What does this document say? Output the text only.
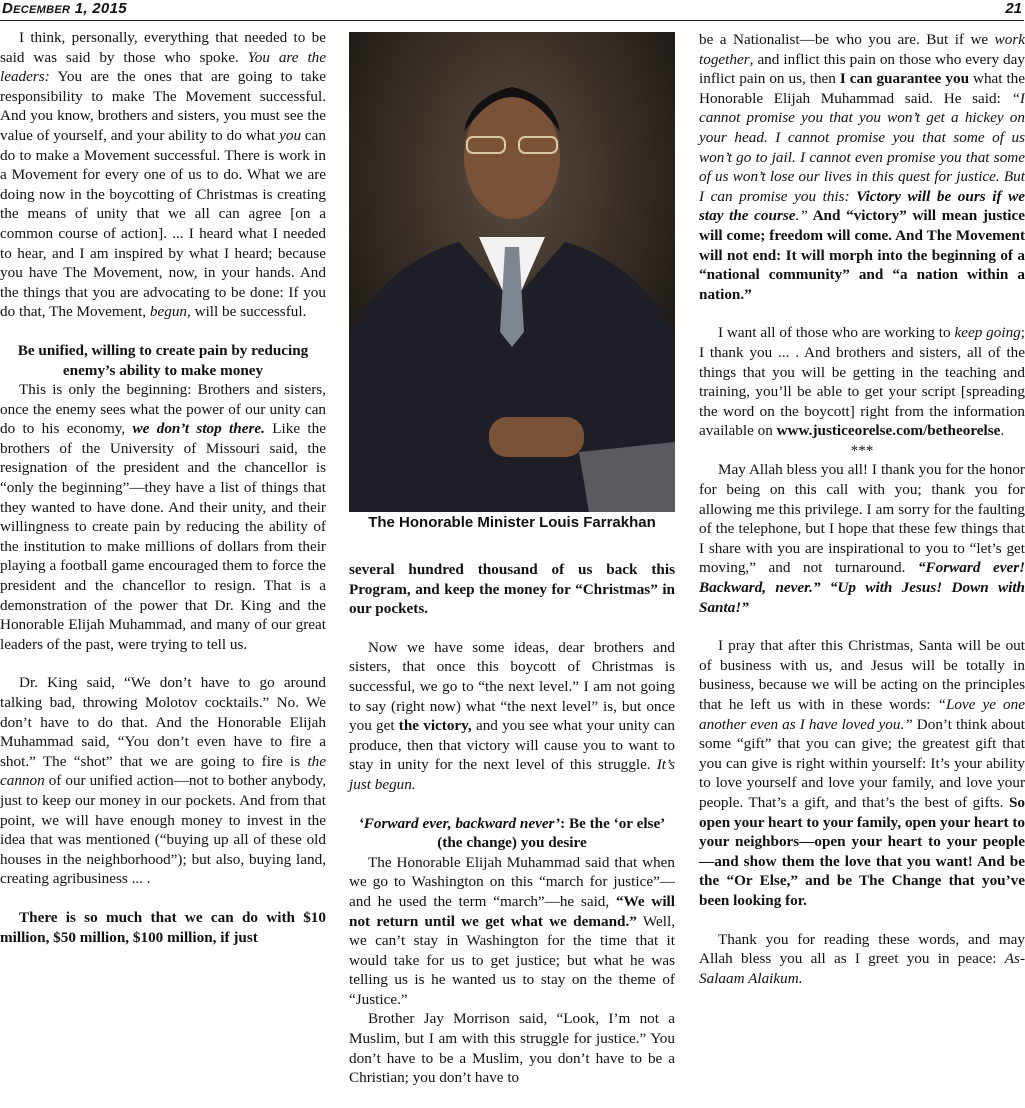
December 1, 2015	21

I think, personally, everything that needed to be said was said by those who spoke. You are the leaders: You are the ones that are going to take responsibility to make The Movement successful. And you know, brothers and sisters, you must see the value of yourself, and your ability to do what you can do to make a Movement successful. There is work in a Movement for every one of us to do. What we are doing now in the boycotting of Christmas is creating the means of unity that we all can agree [on a common course of action]. ... I heard what I needed to hear, and I am inspired by what I heard; because you have The Movement, now, in your hands. And the things that you are advocating to be done: If you do that, The Movement, begun, will be successful.

Be unified, willing to create pain by reducing enemy’s ability to make money

This is only the beginning: Brothers and sisters, once the enemy sees what the power of our unity can do to his economy, we don’t stop there. Like the brothers of the University of Missouri said, the resignation of the president and the chancellor is “only the beginning”—they have a list of things that they wanted to have done. And their unity, and their willingness to create pain by reducing the ability of the institution to make millions of dollars from their playing a football game encouraged them to force the president and the chancellor to resign. That is a demonstration of the power that Dr. King and the Honorable Elijah Muhammad, and many of our great leaders of the past, were trying to tell us.

Dr. King said, “We don’t have to go around talking bad, throwing Molotov cocktails.” No. We don’t have to do that. And the Honorable Elijah Muhammad said, “You don’t even have to fire a shot.” The “shot” that we are going to fire is the cannon of our unified action—not to bother anybody, just to keep our money in our pockets. And from that point, we will have enough money to invest in the idea that was mentioned (“buying up all of these old houses in the neighborhood”); but also, buying land, creating agribusiness ... .

There is so much that we can do with $10 million, $50 million, $100 million, if just

The Honorable Minister Louis Farrakhan

several hundred thousand of us back this Program, and keep the money for “Christmas” in our pockets.

Now we have some ideas, dear brothers and sisters, that once this boycott of Christmas is successful, we go to “the next level.” I am not going to say (right now) what “the next level” is, but once you get the victory, and you see what your unity can produce, then that victory will cause you to want to stay in unity for the next level of this struggle. It’s just begun.

‘Forward ever, backward never’: Be the ‘or else’ (the change) you desire

The Honorable Elijah Muhammad said that when we go to Washington on this “march for justice”—and he used the term “march”—he said, “We will not return until we get what we demand.” Well, we can’t stay in Washington for the time that it would take for us to get justice; but what he was telling us is he wanted us to stay on the theme of “Justice.”

Brother Jay Morrison said, “Look, I’m not a Muslim, but I am with this struggle for justice.” You don’t have to be a Muslim, you don’t have to be a Christian; you don’t have to

be a Nationalist—be who you are. But if we work together, and inflict this pain on those who every day inflict pain on us, then I can guarantee you what the Honorable Elijah Muhammad said. He said: “I cannot promise you that you won’t get a hickey on your head. I cannot promise you that some of us won’t go to jail. I cannot even promise you that some of us won’t lose our lives in this quest for justice. But I can promise you this: Victory will be ours if we stay the course.” And “victory” will mean justice will come; freedom will come. And The Movement will not end: It will morph into the beginning of a “national community” and “a nation within a nation.”

I want all of those who are working to keep going; I thank you ... . And brothers and sisters, all of the things that you will be getting in the teaching and training, you’ll be able to get your script [spreading the word on the boycott] right from the information available on www.justiceorelse.com/betheorelse.

***

May Allah bless you all! I thank you for the honor for being on this call with you; thank you for allowing me this privilege. I am sorry for the faulting of the telephone, but I hope that these few things that I share with you are inspirational to you to “let’s get moving,” and not turnaround. “Forward ever! Backward, never.” “Up with Jesus! Down with Santa!”

I pray that after this Christmas, Santa will be out of business with us, and Jesus will be totally in business, because we will be acting on the principles that he left us with in these words: “Love ye one another even as I have loved you.” Don’t think about some “gift” that you can give; the greatest gift that you can give is right within yourself: It’s your ability to love yourself and love your family, and love your people. That’s a gift, and that’s the best of gifts. So open your heart to your family, open your heart to your neighbors—open your heart to your people—and show them the love that you want! And be the “Or Else,” and be The Change that you’ve been looking for.

Thank you for reading these words, and may Allah bless you all as I greet you in peace: As-Salaam Alaikum.
